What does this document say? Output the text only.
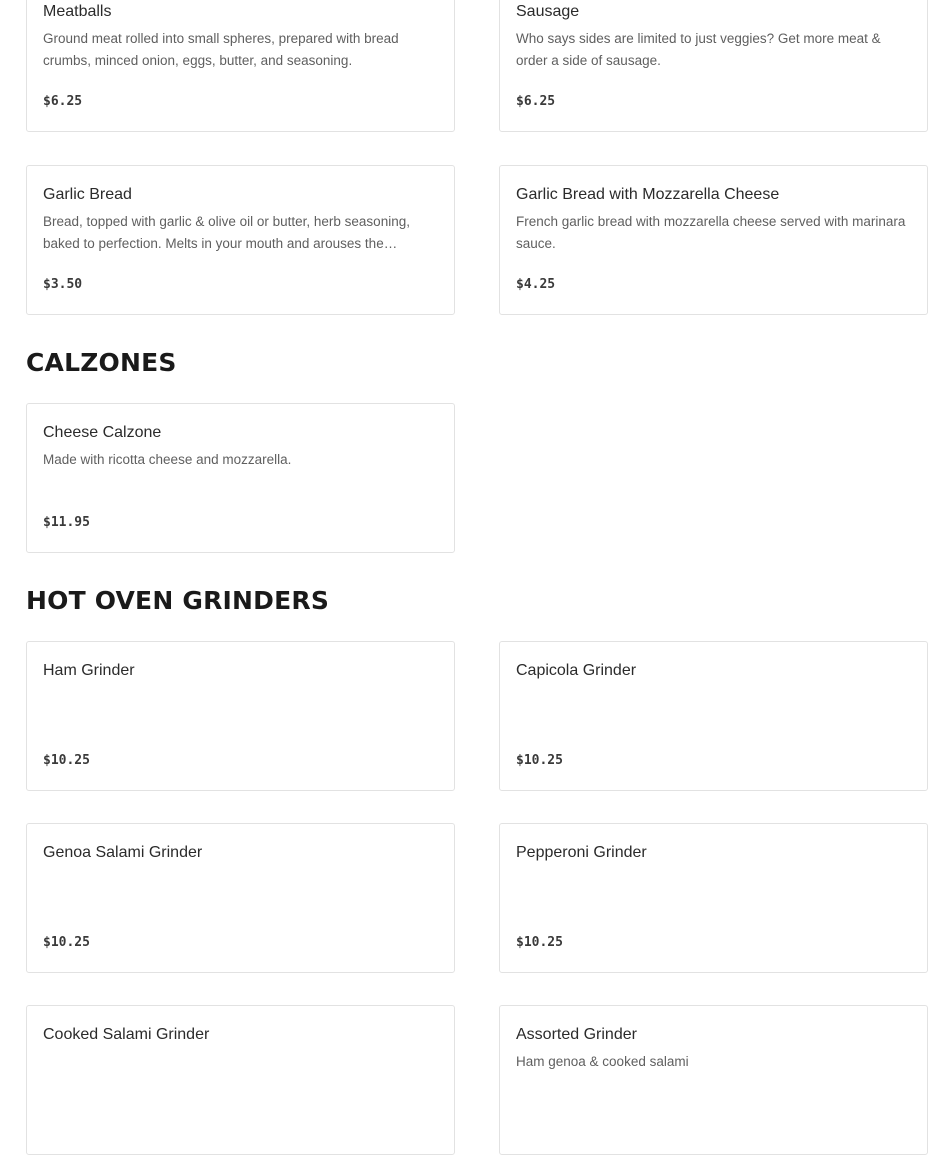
Meatballs
Ground meat rolled into small spheres, prepared with bread crumbs, minced onion, eggs, butter, and seasoning.
$6.25
Sausage
Who says sides are limited to just veggies? Get more meat & order a side of sausage.
$6.25
Garlic Bread
Bread, topped with garlic & olive oil or butter, herb seasoning, baked to perfection. Melts in your mouth and arouses the…
$3.50
Garlic Bread with Mozzarella Cheese
French garlic bread with mozzarella cheese served with marinara sauce.
$4.25
CALZONES
Cheese Calzone
Made with ricotta cheese and mozzarella.
$11.95
HOT OVEN GRINDERS
Ham Grinder
$10.25
Capicola Grinder
$10.25
Genoa Salami Grinder
$10.25
Pepperoni Grinder
$10.25
Cooked Salami Grinder	Assorted Grinder
Ham genoa & cooked salami
